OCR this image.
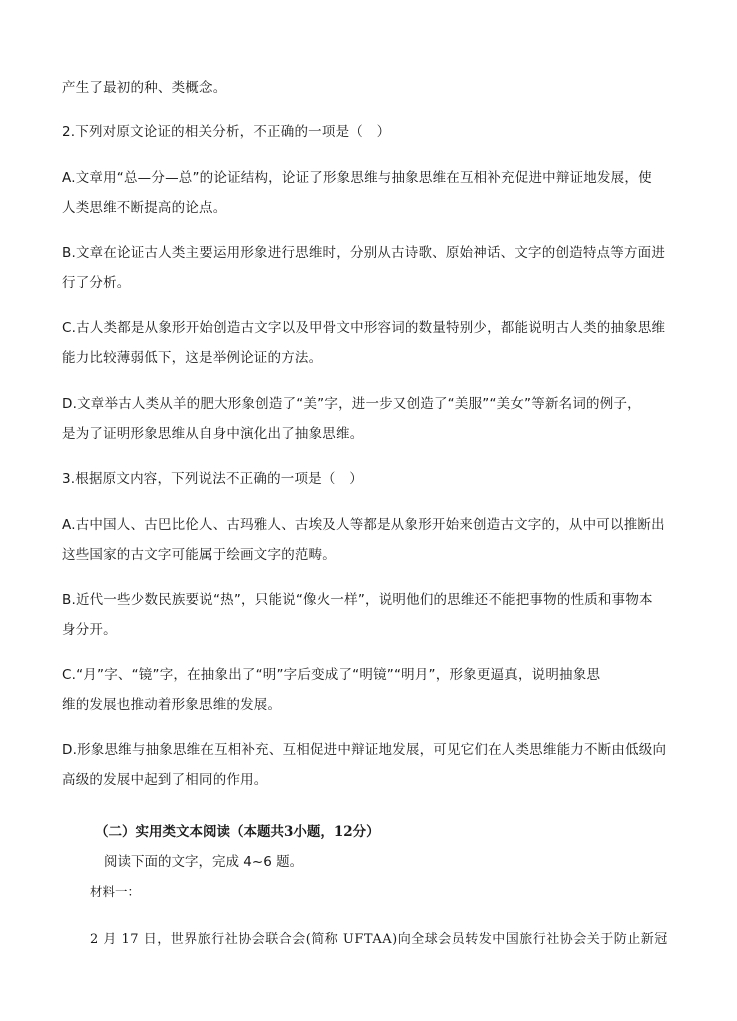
产生了最初的种、类概念。
2.下列对原文论证的相关分析，不正确的一项是（　）
A.文章用“总—分—总”的论证结构，论证了形象思维与抽象思维在互相补充促进中辩证地发展，使
人类思维不断提高的论点。
B.文章在论证古人类主要运用形象进行思维时，分别从古诗歌、原始神话、文字的创造特点等方面进
行了分析。
C.古人类都是从象形开始创造古文字以及甲骨文中形容词的数量特别少，都能说明古人类的抽象思维
能力比较薄弱低下，这是举例论证的方法。
D.文章举古人类从羊的肥大形象创造了“美”字，进一步又创造了“美服”“美女”等新名词的例子，
是为了证明形象思维从自身中演化出了抽象思维。
3.根据原文内容，下列说法不正确的一项是（　）
A.古中国人、古巴比伦人、古玛雅人、古埃及人等都是从象形开始来创造古文字的，从中可以推断出
这些国家的古文字可能属于绘画文字的范畴。
B.近代一些少数民族要说“热”，只能说“像火一样”，说明他们的思维还不能把事物的性质和事物本
身分开。
C.“月”字、“镜”字，在抽象出了“明”字后变成了“明镜”“明月”，形象更逼真，说明抽象思
维的发展也推动着形象思维的发展。
D.形象思维与抽象思维在互相补充、互相促进中辩证地发展，可见它们在人类思维能力不断由低级向
高级的发展中起到了相同的作用。
（二）实用类文本阅读（本题共3小题，12分）
阅读下面的文字，完成 4~6 题。
材料一：
2 月 17 日，世界旅行社协会联合会(简称 UFTAA)向全球会员转发中国旅行社协会关于防止新冠
